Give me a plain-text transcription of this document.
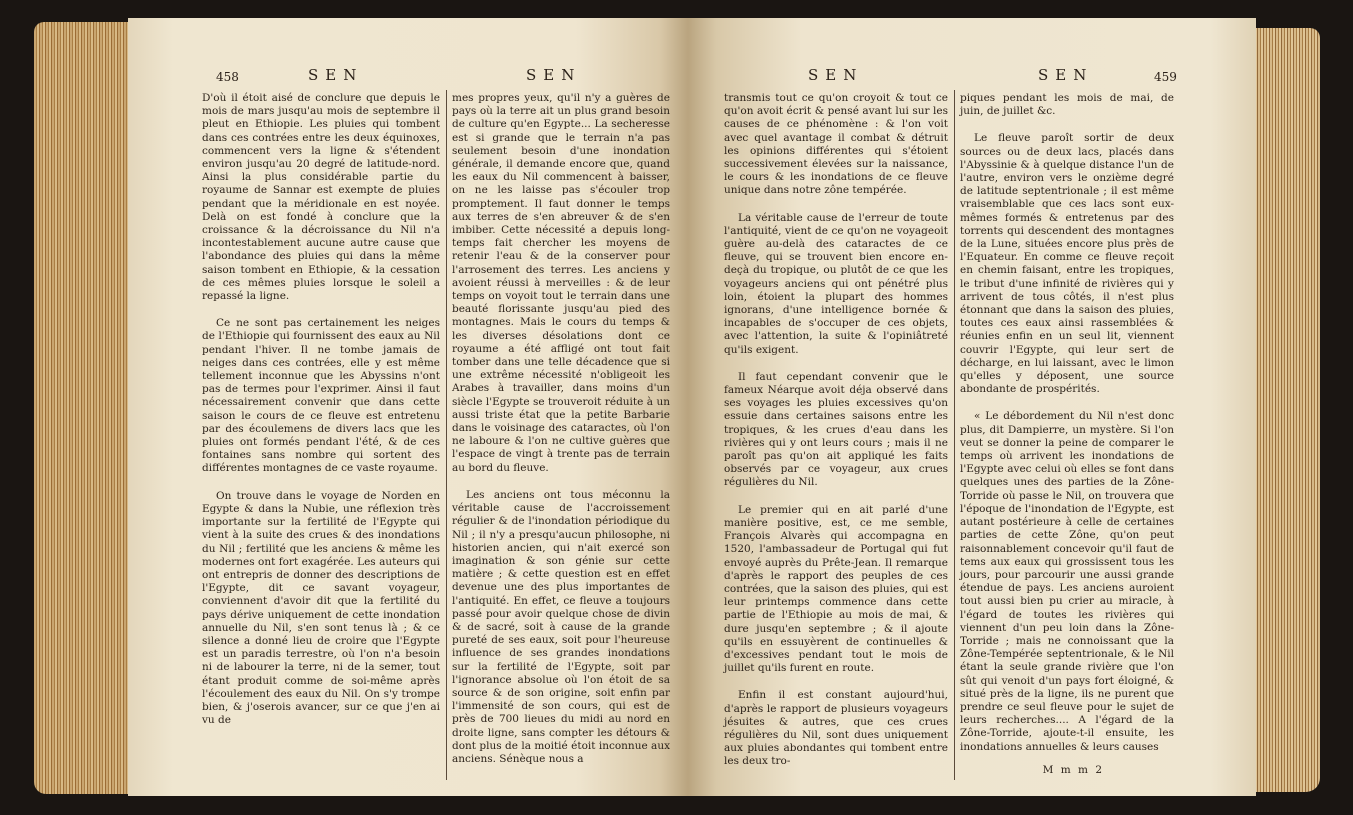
458	SEN	SEN

D'où il étoit aisé de conclure que depuis le mois de mars jusqu'au mois de septembre il pleut en Ethiopie. Les pluies qui tombent dans ces contrées entre les deux équinoxes, commencent vers la ligne & s'étendent environ jusqu'au 20 degré de latitude-nord. Ainsi la plus considérable partie du royaume de Sannar est exempte de pluies pendant que la méridionale en est noyée. Delà on est fondé à conclure que la croissance & la décroissance du Nil n'a incontestablement aucune autre cause que l'abondance des pluies qui dans la même saison tombent en Ethiopie, & la cessation de ces mêmes pluies lorsque le soleil a repassé la ligne.

Ce ne sont pas certainement les neiges de l'Ethiopie qui fournissent des eaux au Nil pendant l'hiver. Il ne tombe jamais de neiges dans ces contrées, elle y est même tellement inconnue que les Abyssins n'ont pas de termes pour l'exprimer. Ainsi il faut nécessairement convenir que dans cette saison le cours de ce fleuve est entretenu par des écoulemens de divers lacs que les pluies ont formés pendant l'été, & de ces fontaines sans nombre qui sortent des différentes montagnes de ce vaste royaume.

On trouve dans le voyage de Norden en Egypte & dans la Nubie, une réflexion très importante sur la fertilité de l'Egypte qui vient à la suite des crues & des inondations du Nil ; fertilité que les anciens & même les modernes ont fort exagérée. Les auteurs qui ont entrepris de donner des descriptions de l'Egypte, dit ce savant voyageur, conviennent d'avoir dit que la fertilité du pays dérive uniquement de cette inondation annuelle du Nil, s'en sont tenus là ; & ce silence a donné lieu de croire que l'Egypte est un paradis terrestre, où l'on n'a besoin ni de labourer la terre, ni de la semer, tout étant produit comme de soi-même après l'écoulement des eaux du Nil. On s'y trompe bien, & j'oserois avancer, sur ce que j'en ai vu de

mes propres yeux, qu'il n'y a guères de pays où la terre ait un plus grand besoin de culture qu'en Egypte... La secheresse est si grande que le terrain n'a pas seulement besoin d'une inondation générale, il demande encore que, quand les eaux du Nil commencent à baisser, on ne les laisse pas s'écouler trop promptement. Il faut donner le temps aux terres de s'en abreuver & de s'en imbiber. Cette nécessité a depuis long-temps fait chercher les moyens de retenir l'eau & de la conserver pour l'arrosement des terres. Les anciens y avoient réussi à merveilles : & de leur temps on voyoit tout le terrain dans une beauté florissante jusqu'au pied des montagnes. Mais le cours du temps & les diverses désolations dont ce royaume a été affligé ont tout fait tomber dans une telle décadence que si une extrême nécessité n'obligeoit les Arabes à travailler, dans moins d'un siècle l'Egypte se trouveroit réduite à un aussi triste état que la petite Barbarie dans le voisinage des cataractes, où l'on ne laboure & l'on ne cultive guères que l'espace de vingt à trente pas de terrain au bord du fleuve.

Les anciens ont tous méconnu la véritable cause de l'accroissement régulier & de l'inondation périodique du Nil ; il n'y a presqu'aucun philosophe, ni historien ancien, qui n'ait exercé son imagination & son génie sur cette matière ; & cette question est en effet devenue une des plus importantes de l'antiquité. En effet, ce fleuve a toujours passé pour avoir quelque chose de divin & de sacré, soit à cause de la grande pureté de ses eaux, soit pour l'heureuse influence de ses grandes inondations sur la fertilité de l'Egypte, soit par l'ignorance absolue où l'on étoit de sa source & de son origine, soit enfin par l'immensité de son cours, qui est de près de 700 lieues du midi au nord en droite ligne, sans compter les détours & dont plus de la moitié étoit inconnue aux anciens. Sénèque nous a

SEN	SEN	459

transmis tout ce qu'on croyoit & tout ce qu'on avoit écrit & pensé avant lui sur les causes de ce phénomène : & l'on voit avec quel avantage il combat & détruit les opinions différentes qui s'étoient successivement élevées sur la naissance, le cours & les inondations de ce fleuve unique dans notre zône tempérée.

La véritable cause de l'erreur de toute l'antiquité, vient de ce qu'on ne voyageoit guère au-delà des cataractes de ce fleuve, qui se trouvent bien encore en-deçà du tropique, ou plutôt de ce que les voyageurs anciens qui ont pénétré plus loin, étoient la plupart des hommes ignorans, d'une intelligence bornée & incapables de s'occuper de ces objets, avec l'attention, la suite & l'opiniâtreté qu'ils exigent.

Il faut cependant convenir que le fameux Néarque avoit déja observé dans ses voyages les pluies excessives qu'on essuie dans certaines saisons entre les tropiques, & les crues d'eau dans les rivières qui y ont leurs cours ; mais il ne paroît pas qu'on ait appliqué les faits observés par ce voyageur, aux crues régulières du Nil.

Le premier qui en ait parlé d'une manière positive, est, ce me semble, François Alvarès qui accompagna en 1520, l'ambassadeur de Portugal qui fut envoyé auprès du Prête-Jean. Il remarque d'après le rapport des peuples de ces contrées, que la saison des pluies, qui est leur printemps commence dans cette partie de l'Ethiopie au mois de mai, & dure jusqu'en septembre ; & il ajoute qu'ils en essuyèrent de continuelles & d'excessives pendant tout le mois de juillet qu'ils furent en route.

Enfin il est constant aujourd'hui, d'après le rapport de plusieurs voyageurs jésuites & autres, que ces crues régulières du Nil, sont dues uniquement aux pluies abondantes qui tombent entre les deux tro-

piques pendant les mois de mai, de juin, de juillet &c.

Le fleuve paroît sortir de deux sources ou de deux lacs, placés dans l'Abyssinie & à quelque distance l'un de l'autre, environ vers le onzième degré de latitude septentrionale ; il est même vraisemblable que ces lacs sont eux-mêmes formés & entretenus par des torrents qui descendent des montagnes de la Lune, situées encore plus près de l'Equateur. En comme ce fleuve reçoit en chemin faisant, entre les tropiques, le tribut d'une infinité de rivières qui y arrivent de tous côtés, il n'est plus étonnant que dans la saison des pluies, toutes ces eaux ainsi rassemblées & réunies enfin en un seul lit, viennent couvrir l'Egypte, qui leur sert de décharge, en lui laissant, avec le limon qu'elles y déposent, une source abondante de prospérités.

« Le débordement du Nil n'est donc plus, dit Dampierre, un mystère. Si l'on veut se donner la peine de comparer le temps où arrivent les inondations de l'Egypte avec celui où elles se font dans quelques unes des parties de la Zône-Torride où passe le Nil, on trouvera que l'époque de l'inondation de l'Egypte, est autant postérieure à celle de certaines parties de cette Zône, qu'on peut raisonnablement concevoir qu'il faut de tems aux eaux qui grossissent tous les jours, pour parcourir une aussi grande étendue de pays. Les anciens auroient tout aussi bien pu crier au miracle, à l'égard de toutes les rivières qui viennent d'un peu loin dans la Zône-Torride ; mais ne connoissant que la Zône-Tempérée septentrionale, & le Nil étant la seule grande rivière que l'on sût qui venoit d'un pays fort éloigné, & situé près de la ligne, ils ne purent que prendre ce seul fleuve pour le sujet de leurs recherches.... A l'égard de la Zône-Torride, ajoute-t-il ensuite, les inondations annuelles & leurs causes

M m m 2
